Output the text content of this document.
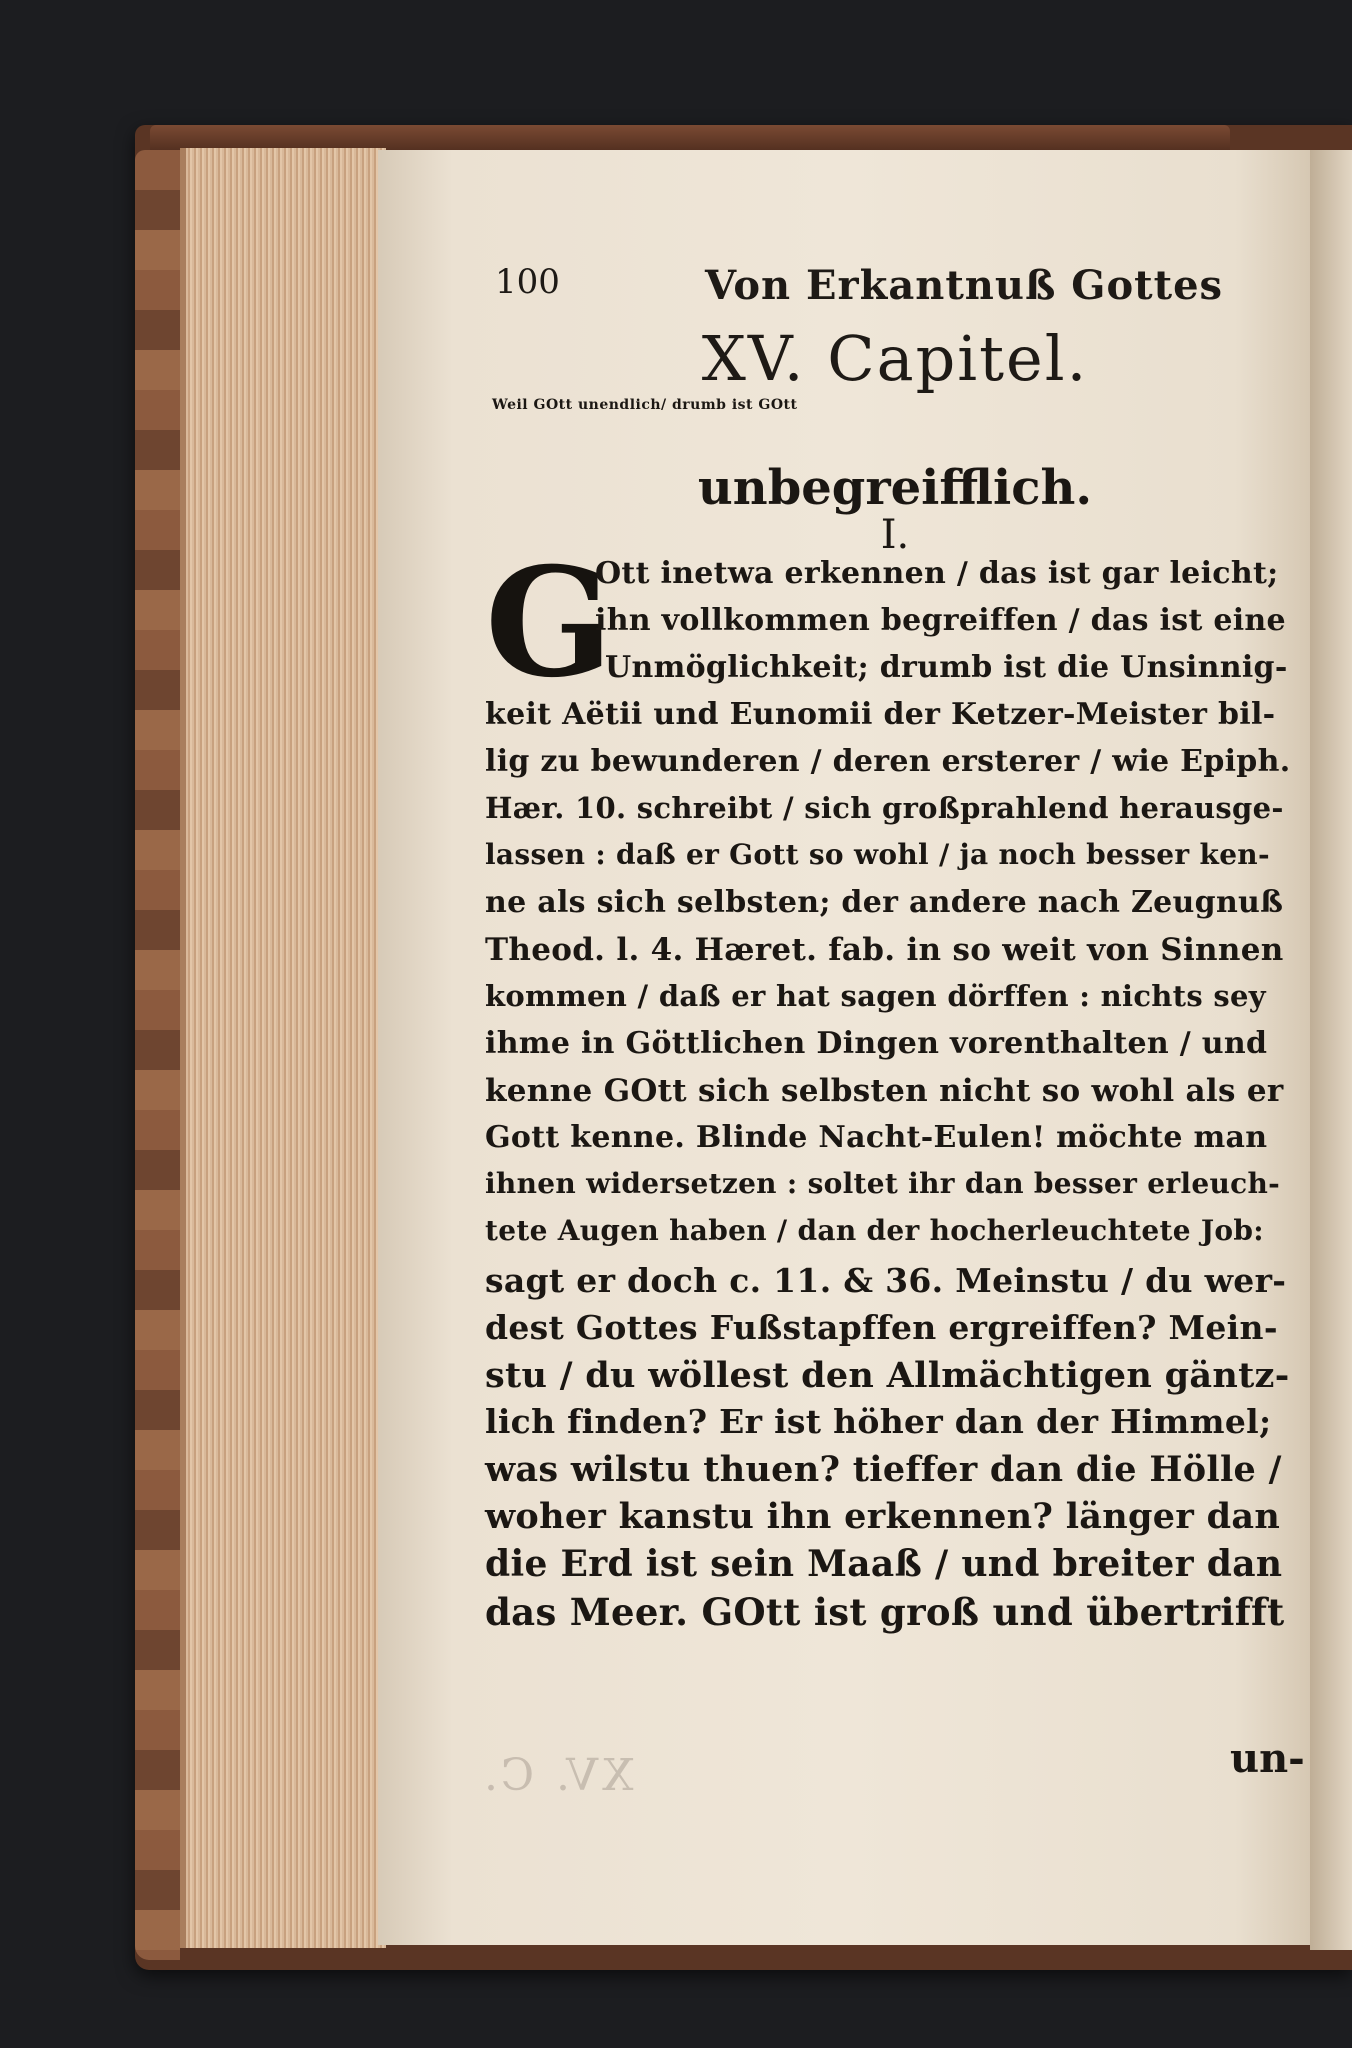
100	Von Erkantnuß Gottes
XV. Capitel.
Weil GOtt unendlich/ drumb ist GOtt
unbegreifflich.
I.
G
Ott inetwa erkennen / das ist gar leicht;
ihn vollkommen begreiffen / das ist eine
Unmöglichkeit; drumb ist die Unsinnig-
keit Aëtii und Eunomii der Ketzer-Meister bil-
lig zu bewunderen / deren ersterer / wie Epiph.
Hær. 10. schreibt / sich großprahlend herausge-
lassen : daß er Gott so wohl / ja noch besser ken-
ne als sich selbsten; der andere nach Zeugnuß
Theod. l. 4. Hæret. fab. in so weit von Sinnen
kommen / daß er hat sagen dörffen : nichts sey
ihme in Göttlichen Dingen vorenthalten / und
kenne GOtt sich selbsten nicht so wohl als er
Gott kenne. Blinde Nacht-Eulen! möchte man
ihnen widersetzen : soltet ihr dan besser erleuch-
tete Augen haben / dan der hocherleuchtete Job:
sagt er doch c. 11. & 36. Meinstu / du wer-
dest Gottes Fußstapffen ergreiffen? Mein-
stu / du wöllest den Allmächtigen gäntz-
lich finden? Er ist höher dan der Himmel;
was wilstu thuen? tieffer dan die Hölle /
woher kanstu ihn erkennen? länger dan
die Erd ist sein Maaß / und breiter dan
das Meer. GOtt ist groß und übertrifft
un-
XV. C.
